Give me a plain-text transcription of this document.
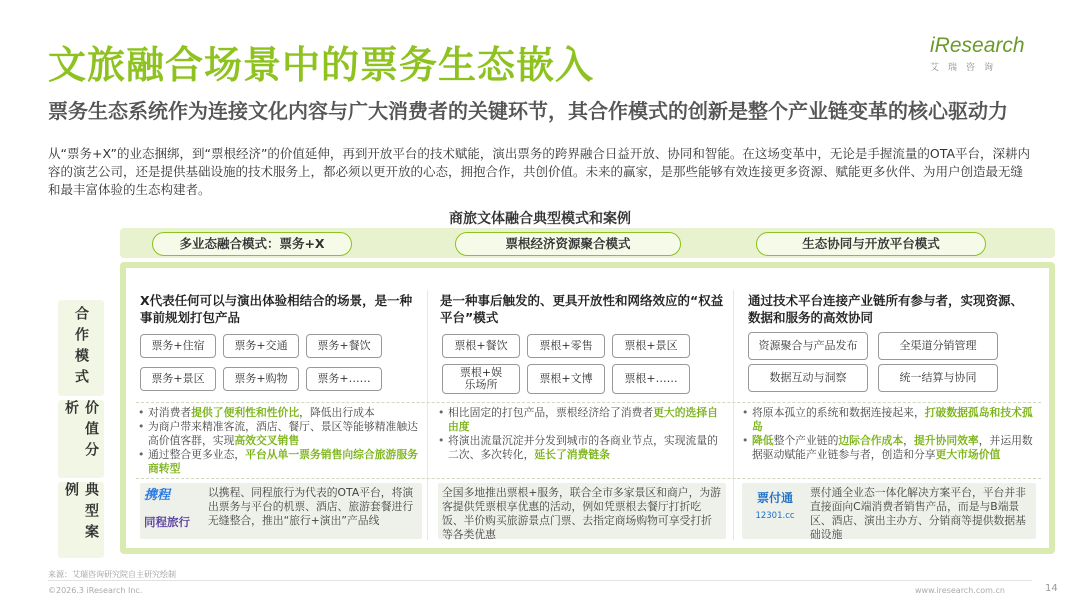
文旅融合场景中的票务生态嵌入
票务生态系统作为连接文化内容与广大消费者的关键环节，其合作模式的创新是整个产业链变革的核心驱动力
iResearch
艾瑞咨询
从“票务+X”的业态捆绑，到“票根经济”的价值延伸，再到开放平台的技术赋能，演出票务的跨界融合日益开放、协同和智能。在这场变革中，无论是手握流量的OTA平台，深耕内容的演艺公司，还是提供基础设施的技术服务上，都必须以更开放的心态，拥抱合作，共创价值。未来的赢家，是那些能够有效连接更多资源、赋能更多伙伴、为用户创造最无缝和最丰富体验的生态构建者。
商旅文体融合典型模式和案例
多业态融合模式：票务+X	票根经济资源聚合模式	生态协同与开放平台模式
合作模式
价值分析
典型案例
X代表任何可以与演出体验相结合的场景，是一种事前规划打包产品
票务+住宿	票务+交通	票务+餐饮
票务+景区	票务+购物	票务+……
• 对消费者提供了便利性和性价比，降低出行成本
• 为商户带来精准客流，酒店、餐厅、景区等能够精准触达高价值客群，实现高效交叉销售
• 通过整合更多业态，平台从单一票务销售向综合旅游服务商转型
携程
同程旅行
以携程、同程旅行为代表的OTA平台，将演出票务与平台的机票、酒店、旅游套餐进行无缝整合，推出“旅行+演出”产品线
是一种事后触发的、更具开放性和网络效应的“权益平台”模式
票根+餐饮	票根+零售	票根+景区
票根+娱乐场所	票根+文博	票根+……
• 相比固定的打包产品，票根经济给了消费者更大的选择自由度
• 将演出流量沉淀并分发到城市的各商业节点，实现流量的二次、多次转化，延长了消费链条
全国多地推出票根+服务，联合全市多家景区和商户，为游客提供凭票根享优惠的活动，例如凭票根去餐厅打折吃饭、半价购买旅游景点门票、去指定商场购物可享受打折等各类优惠
通过技术平台连接产业链所有参与者，实现资源、数据和服务的高效协同
资源聚合与产品发布	全渠道分销管理
数据互动与洞察	统一结算与协同
• 将原本孤立的系统和数据连接起来，打破数据孤岛和技术孤岛
• 降低整个产业链的边际合作成本，提升协同效率，并运用数据驱动赋能产业链参与者，创造和分享更大市场价值
票付通
12301.cc
票付通全业态一体化解决方案平台，平台并非直接面向C端消费者销售产品，而是与B端景区、酒店、演出主办方、分销商等提供数据基础设施
来源：艾瑞咨询研究院自主研究绘制
©2026.3 iResearch Inc.	www.iresearch.com.cn	14
